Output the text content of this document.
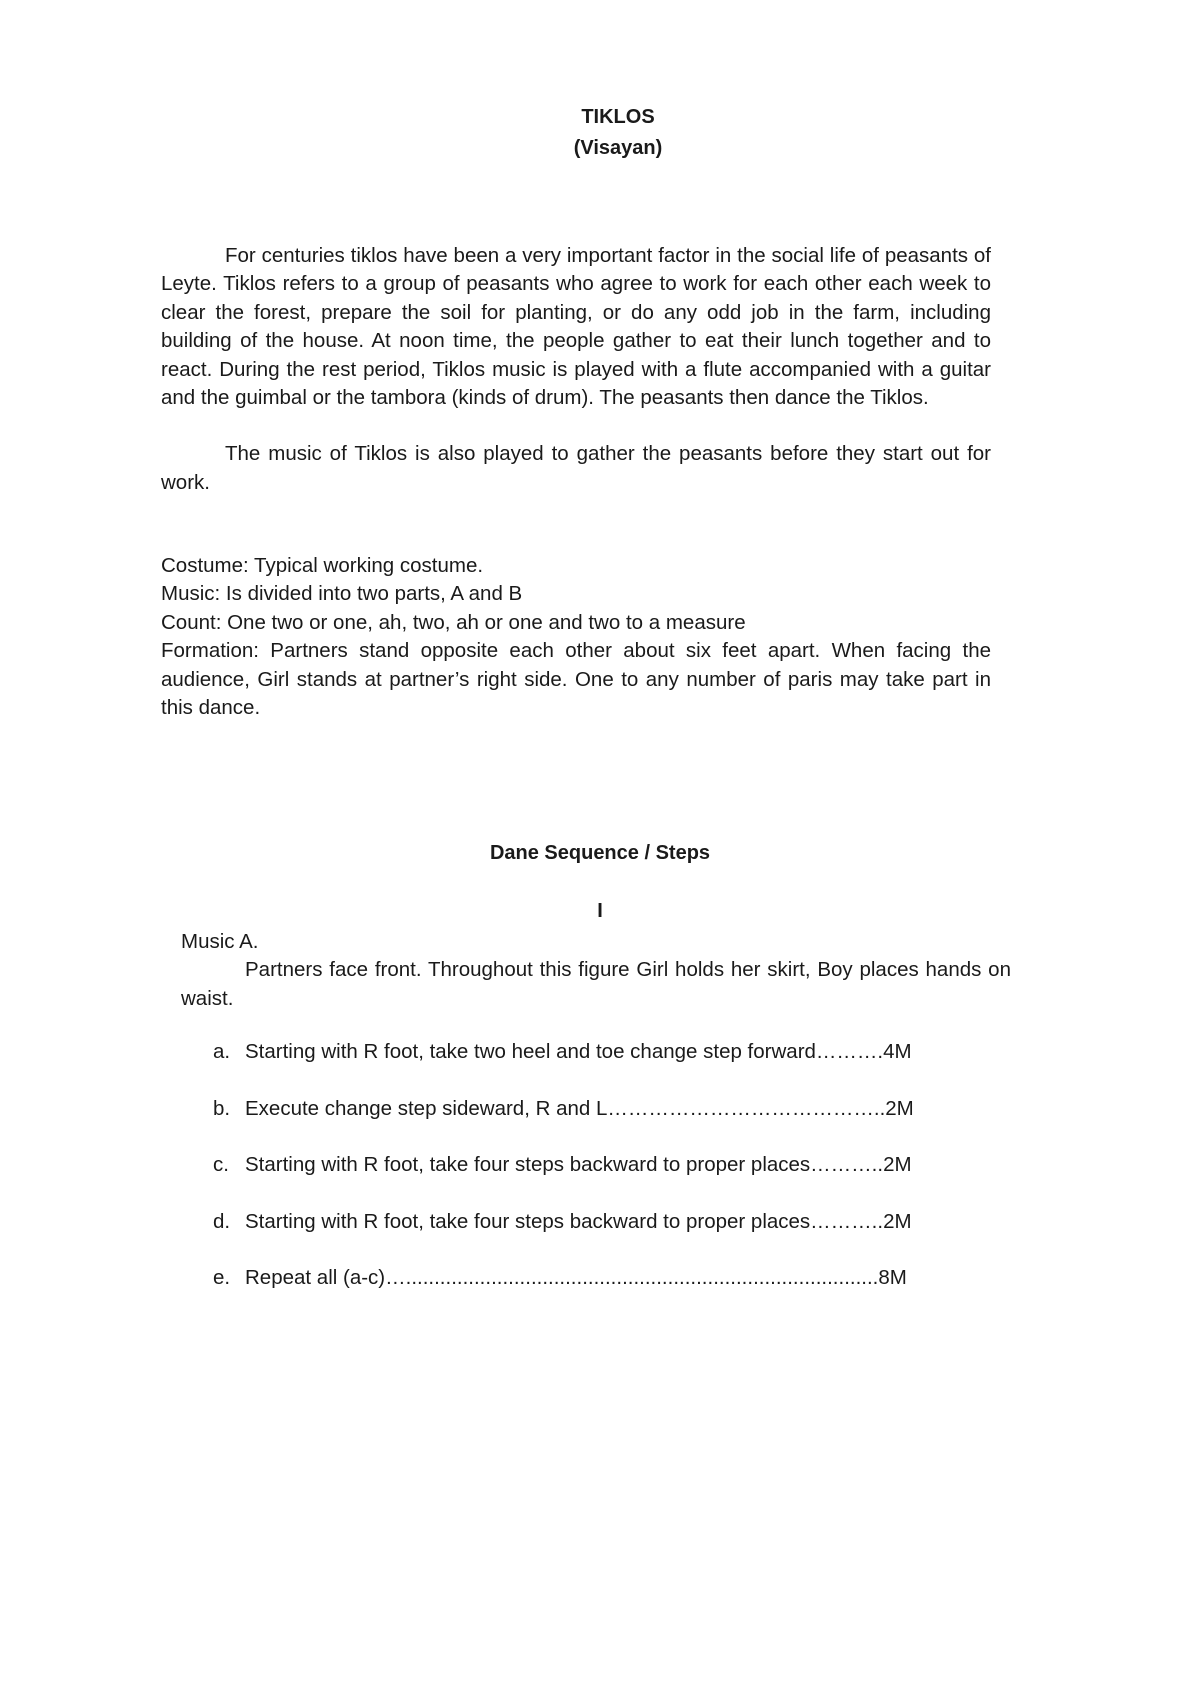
TIKLOS
(Visayan)

For centuries tiklos have been a very important factor in the social life of peasants of Leyte. Tiklos refers to a group of peasants who agree to work for each other each week to clear the forest, prepare the soil for planting, or do any odd job in the farm, including building of the house. At noon time, the people gather to eat their lunch together and to react. During the rest period, Tiklos music is played with a flute accompanied with a guitar and the guimbal or the tambora (kinds of drum). The peasants then dance the Tiklos.

The music of Tiklos is also played to gather the peasants before they start out for work.

Costume: Typical working costume.
Music: Is divided into two parts, A and B
Count: One two or one, ah, two, ah or one and two to a measure
Formation: Partners stand opposite each other about six feet apart. When facing the audience, Girl stands at partner’s right side. One to any number of paris may take part in this dance.
Dane Sequence / Steps
I
Music A.
Partners face front. Throughout this figure Girl holds her skirt, Boy places hands on waist.
a. Starting with R foot, take two heel and toe change step forward……….4M
b. Execute change step sideward, R and L…………………………………..2M
c. Starting with R foot, take four steps backward to proper places………..2M
d. Starting with R foot, take four steps backward to proper places………..2M
e. Repeat all (a-c)…...................................................................................8M
